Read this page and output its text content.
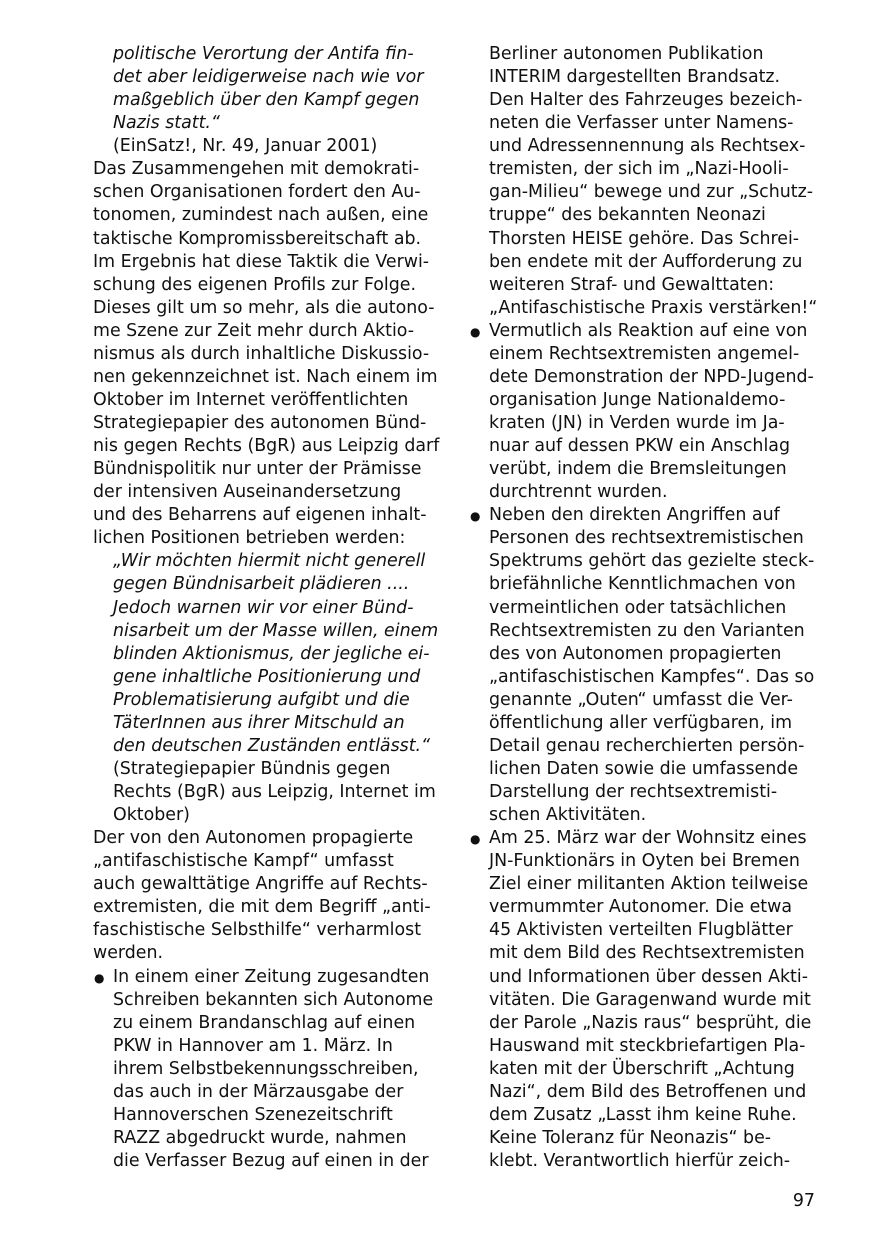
politische Verortung der Antifa fin-
det aber leidigerweise nach wie vor
maßgeblich über den Kampf gegen
Nazis statt.“
(EinSatz!, Nr. 49, Januar 2001)
Das Zusammengehen mit demokrati-
schen Organisationen fordert den Au-
tonomen, zumindest nach außen, eine
taktische Kompromissbereitschaft ab.
Im Ergebnis hat diese Taktik die Verwi-
schung des eigenen Profils zur Folge.
Dieses gilt um so mehr, als die autono-
me Szene zur Zeit mehr durch Aktio-
nismus als durch inhaltliche Diskussio-
nen gekennzeichnet ist. Nach einem im
Oktober im Internet veröffentlichten
Strategiepapier des autonomen Bünd-
nis gegen Rechts (BgR) aus Leipzig darf
Bündnispolitik nur unter der Prämisse
der intensiven Auseinandersetzung
und des Beharrens auf eigenen inhalt-
lichen Positionen betrieben werden:
„Wir möchten hiermit nicht generell
gegen Bündnisarbeit plädieren ....
Jedoch warnen wir vor einer Bünd-
nisarbeit um der Masse willen, einem
blinden Aktionismus, der jegliche ei-
gene inhaltliche Positionierung und
Problematisierung aufgibt und die
TäterInnen aus ihrer Mitschuld an
den deutschen Zuständen entlässt.“
(Strategiepapier Bündnis gegen
Rechts (BgR) aus Leipzig, Internet im
Oktober)
Der von den Autonomen propagierte
„antifaschistische Kampf“ umfasst
auch gewalttätige Angriffe auf Rechts-
extremisten, die mit dem Begriff „anti-
faschistische Selbsthilfe“ verharmlost
werden.
● In einem einer Zeitung zugesandten
Schreiben bekannten sich Autonome
zu einem Brandanschlag auf einen
PKW in Hannover am 1. März. In
ihrem Selbstbekennungsschreiben,
das auch in der Märzausgabe der
Hannoverschen Szenezeitschrift
RAZZ abgedruckt wurde, nahmen
die Verfasser Bezug auf einen in der
Berliner autonomen Publikation
INTERIM dargestellten Brandsatz.
Den Halter des Fahrzeuges bezeich-
neten die Verfasser unter Namens-
und Adressennennung als Rechtsex-
tremisten, der sich im „Nazi-Hooli-
gan-Milieu“ bewege und zur „Schutz-
truppe“ des bekannten Neonazi
Thorsten HEISE gehöre. Das Schrei-
ben endete mit der Aufforderung zu
weiteren Straf- und Gewalttaten:
„Antifaschistische Praxis verstärken!“
● Vermutlich als Reaktion auf eine von
einem Rechtsextremisten angemel-
dete Demonstration der NPD-Jugend-
organisation Junge Nationaldemo-
kraten (JN) in Verden wurde im Ja-
nuar auf dessen PKW ein Anschlag
verübt, indem die Bremsleitungen
durchtrennt wurden.
● Neben den direkten Angriffen auf
Personen des rechtsextremistischen
Spektrums gehört das gezielte steck-
briefähnliche Kenntlichmachen von
vermeintlichen oder tatsächlichen
Rechtsextremisten zu den Varianten
des von Autonomen propagierten
„antifaschistischen Kampfes“. Das so
genannte „Outen“ umfasst die Ver-
öffentlichung aller verfügbaren, im
Detail genau recherchierten persön-
lichen Daten sowie die umfassende
Darstellung der rechtsextremisti-
schen Aktivitäten.
● Am 25. März war der Wohnsitz eines
JN-Funktionärs in Oyten bei Bremen
Ziel einer militanten Aktion teilweise
vermummter Autonomer. Die etwa
45 Aktivisten verteilten Flugblätter
mit dem Bild des Rechtsextremisten
und Informationen über dessen Akti-
vitäten. Die Garagenwand wurde mit
der Parole „Nazis raus“ besprüht, die
Hauswand mit steckbriefartigen Pla-
katen mit der Überschrift „Achtung
Nazi“, dem Bild des Betroffenen und
dem Zusatz „Lasst ihm keine Ruhe.
Keine Toleranz für Neonazis“ be-
klebt. Verantwortlich hierfür zeich-
97
